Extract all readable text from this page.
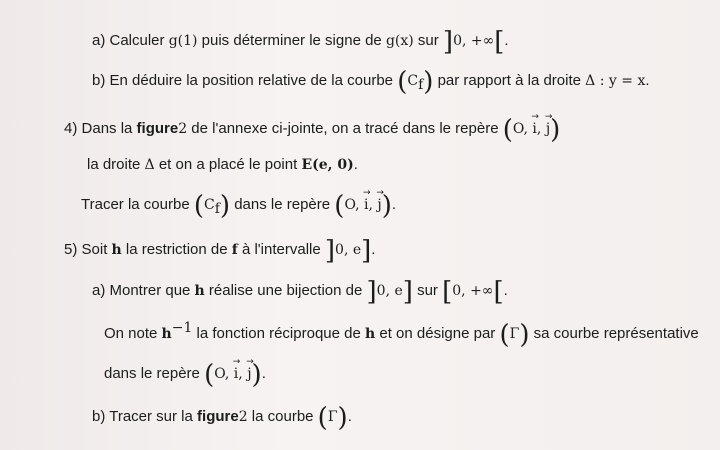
a) Calculer g(1) puis déterminer le signe de g(x) sur ]0, +∞[.
b) En déduire la position relative de la courbe $(C_f)$ par rapport à la droite Δ : y = x.
4) Dans la figure2 de l'annexe ci-jointe, on a tracé dans le repère (O, → i, → j)
la droite Δ et on a placé le point E(e, 0).
Tracer la courbe $(C_f)$ dans le repère (O, → i, → j).
5) Soit h la restriction de f à l'intervalle ]0, e].
a) Montrer que h réalise une bijection de ]0, e] sur [0, +∞[.
On note $h^{-1}$ la fonction réciproque de h et on désigne par (Γ) sa courbe représentative
dans le repère (O, → i, → j).
b) Tracer sur la figure2 la courbe (Γ).
